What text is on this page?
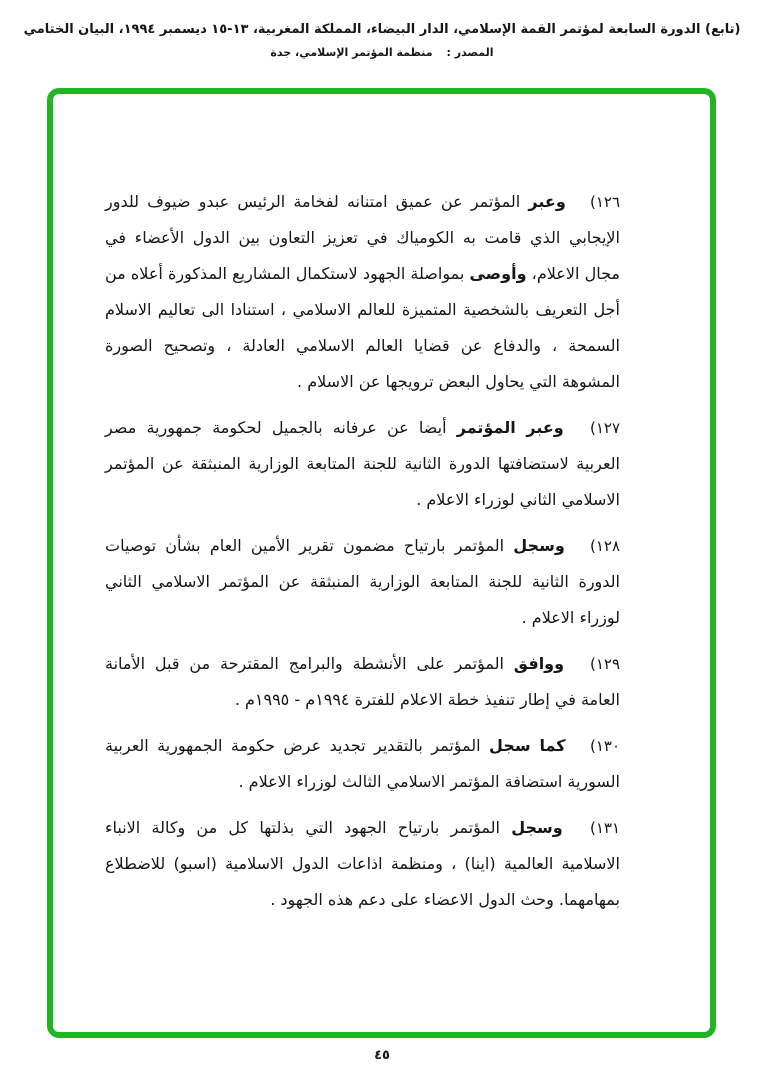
(تابع) الدورة السابعة لمؤتمر القمة الإسلامي، الدار البيضاء، المملكة المغربية، ١٣-١٥ ديسمبر ١٩٩٤، البيان الختامي
المصدر :منظمة المؤتمر الإسلامي، جدة

١٢٦) وعبر المؤتمر عن عميق امتنانه لفخامة الرئيس عبدو ضيوف للدور الإيجابي الذي قامت به الكومياك في تعزيز التعاون بين الدول الأعضاء في مجال الاعلام، وأوصى بمواصلة الجهود لاستكمال المشاريع المذكورة أعلاه من أجل التعريف بالشخصية المتميزة للعالم الاسلامي ، استنادا الى تعاليم الاسلام السمحة ، والدفاع عن قضايا العالم الاسلامي العادلة ، وتصحيح الصورة المشوهة التي يحاول البعض ترويجها عن الاسلام .

١٢٧) وعبر المؤتمر أيضا عن عرفانه بالجميل لحكومة جمهورية مصر العربية لاستضافتها الدورة الثانية للجنة المتابعة الوزارية المنبثقة عن المؤتمر الاسلامي الثاني لوزراء الاعلام .

١٢٨) وسجل المؤتمر بارتياح مضمون تقرير الأمين العام بشأن توصيات الدورة الثانية للجنة المتابعة الوزارية المنبثقة عن المؤتمر الاسلامي الثاني لوزراء الاعلام .

١٢٩) ووافق المؤتمر على الأنشطة والبرامج المقترحة من قبل الأمانة العامة في إطار تنفيذ خطة الاعلام للفترة ١٩٩٤م - ١٩٩٥م .

١٣٠) كما سجل المؤتمر بالتقدير تجديد عرض حكومة الجمهورية العربية السورية استضافة المؤتمر الاسلامي الثالث لوزراء الاعلام .

١٣١) وسجل المؤتمر بارتياح الجهود التي بذلتها كل من وكالة الانباء الاسلامية العالمية (اينا) ، ومنظمة اذاعات الدول الاسلامية (اسبو) للاضطلاع بمهامهما. وحث الدول الاعضاء على دعم هذه الجهود .

٤٥
